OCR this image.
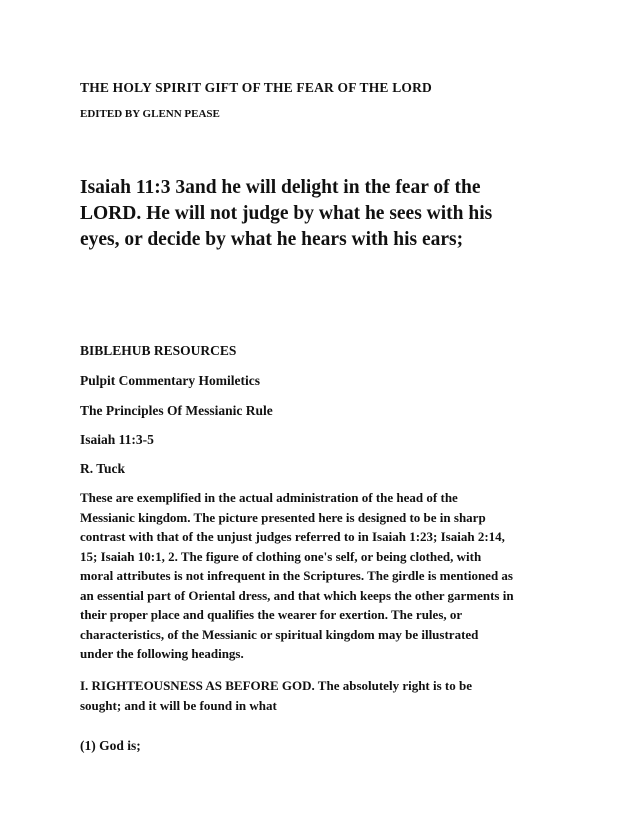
THE HOLY SPIRIT GIFT OF THE FEAR OF THE LORD
EDITED BY GLENN PEASE
Isaiah 11:3 3and he will delight in the fear of the
LORD. He will not judge by what he sees with his
eyes, or decide by what he hears with his ears;
BIBLEHUB RESOURCES
Pulpit Commentary Homiletics
The Principles Of Messianic Rule
Isaiah 11:3-5
R. Tuck
These are exemplified in the actual administration of the head of the
Messianic kingdom. The picture presented here is designed to be in sharp
contrast with that of the unjust judges referred to in Isaiah 1:23; Isaiah 2:14,
15; Isaiah 10:1, 2. The figure of clothing one's self, or being clothed, with
moral attributes is not infrequent in the Scriptures. The girdle is mentioned as
an essential part of Oriental dress, and that which keeps the other garments in
their proper place and qualifies the wearer for exertion. The rules, or
characteristics, of the Messianic or spiritual kingdom may be illustrated
under the following headings.
I. RIGHTEOUSNESS AS BEFORE GOD. The absolutely right is to be
sought; and it will be found in what
(1) God is;
